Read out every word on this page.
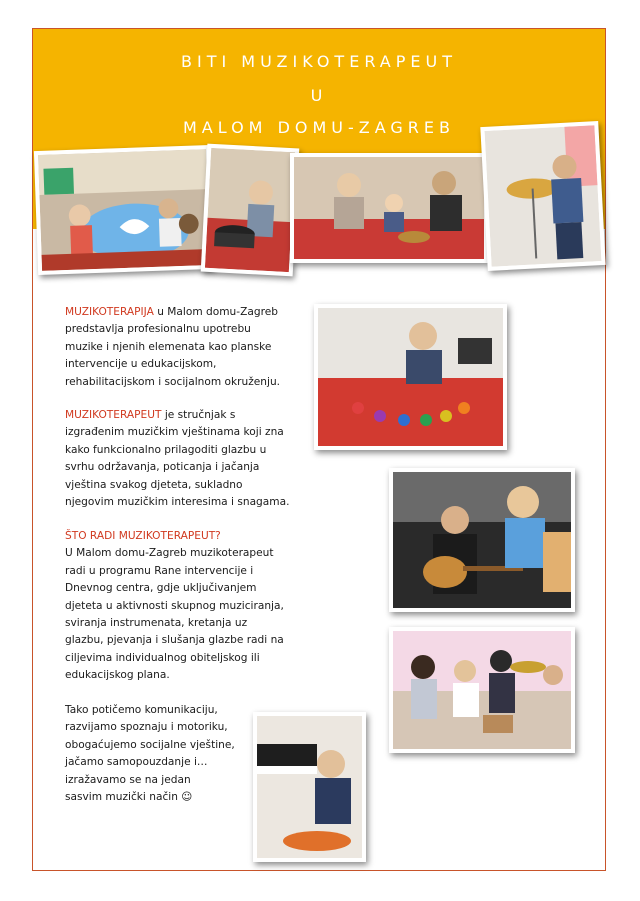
BITI MUZIKOTERAPEUT
U
MALOM DOMU-ZAGREB
MUZIKOTERAPIJA u Malom domu-Zagreb
predstavlja profesionalnu upotrebu
muzike i njenih elemenata kao planske
intervencije u edukacijskom,
rehabilitacijskom i socijalnom okruženju.
MUZIKOTERAPEUT je stručnjak s
izgrađenim muzičkim vještinama koji zna
kako funkcionalno prilagoditi glazbu u
svrhu održavanja, poticanja i jačanja
vještina svakog djeteta, sukladno
njegovim muzičkim interesima i snagama.
ŠTO RADI MUZIKOTERAPEUT?
U Malom domu-Zagreb muzikoterapeut
radi u programu Rane intervencije i
Dnevnog centra, gdje uključivanjem
djeteta u aktivnosti skupnog muziciranja,
sviranja instrumenata, kretanja uz
glazbu, pjevanja i slušanja glazbe radi na
ciljevima individualnog obiteljskog ili
edukacijskog plana.
Tako potičemo komunikaciju,
razvijamo spoznaju i motoriku,
obogaćujemo socijalne vještine,
jačamo samopouzdanje i…
izražavamo se na jedan
sasvim muzički način ☺
